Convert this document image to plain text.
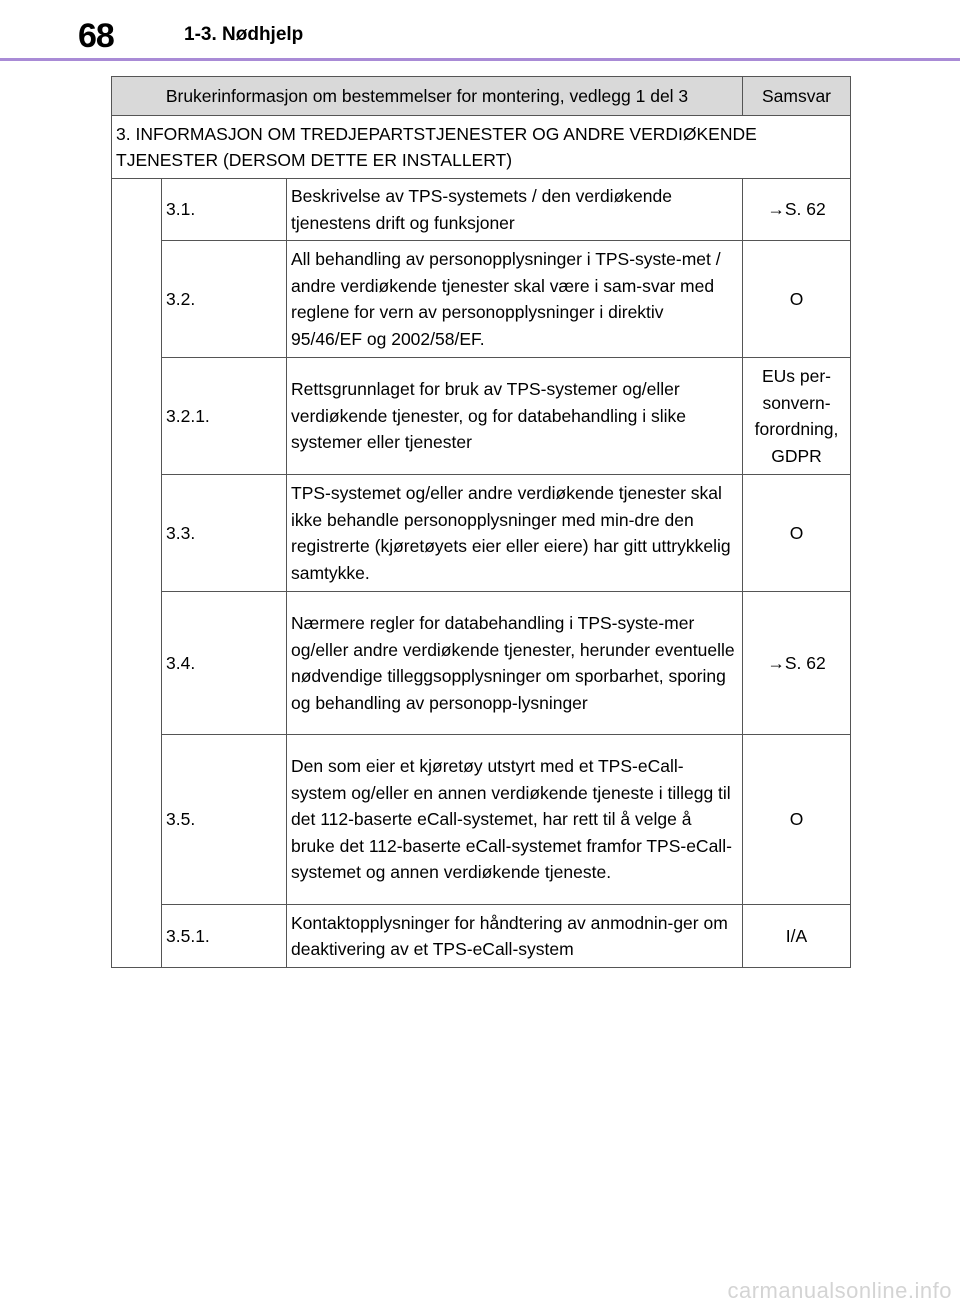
68	1-3. Nødhjelp
Brukerinformasjon om bestemmelser for montering, vedlegg 1 del 3			Samsvar
3. INFORMASJON OM TREDJEPARTSTJENESTER OG ANDRE VERDIØKENDE TJENESTER (DERSOM DETTE ER INSTALLERT)			
	3.1.	Beskrivelse av TPS-systemets / den verdiøkende tjenestens drift og funksjoner	→S. 62
	3.2.	All behandling av personopplysninger i TPS-syste-met / andre verdiøkende tjenester skal være i sam-svar med reglene for vern av personopplysninger i direktiv 95/46/EF og 2002/58/EF.	O
	3.2.1.	Rettsgrunnlaget for bruk av TPS-systemer og/eller verdiøkende tjenester, og for databehandling i slike systemer eller tjenester	EUs per-sonvern-forordning, GDPR
	3.3.	TPS-systemet og/eller andre verdiøkende tjenester skal ikke behandle personopplysninger med min-dre den registrerte (kjøretøyets eier eller eiere) har gitt uttrykkelig samtykke.	O
	3.4.	Nærmere regler for databehandling i TPS-syste-mer og/eller andre verdiøkende tjenester, herunder eventuelle nødvendige tilleggsopplysninger om sporbarhet, sporing og behandling av personopp-lysninger	→S. 62
	3.5.	Den som eier et kjøretøy utstyrt med et TPS-eCall-system og/eller en annen verdiøkende tjeneste i tillegg til det 112-baserte eCall-systemet, har rett til å velge å bruke det 112-baserte eCall-systemet framfor TPS-eCall-systemet og annen verdiøkende tjeneste.	O
	3.5.1.	Kontaktopplysninger for håndtering av anmodnin-ger om deaktivering av et TPS-eCall-system	I/A
carmanualsonline.info
